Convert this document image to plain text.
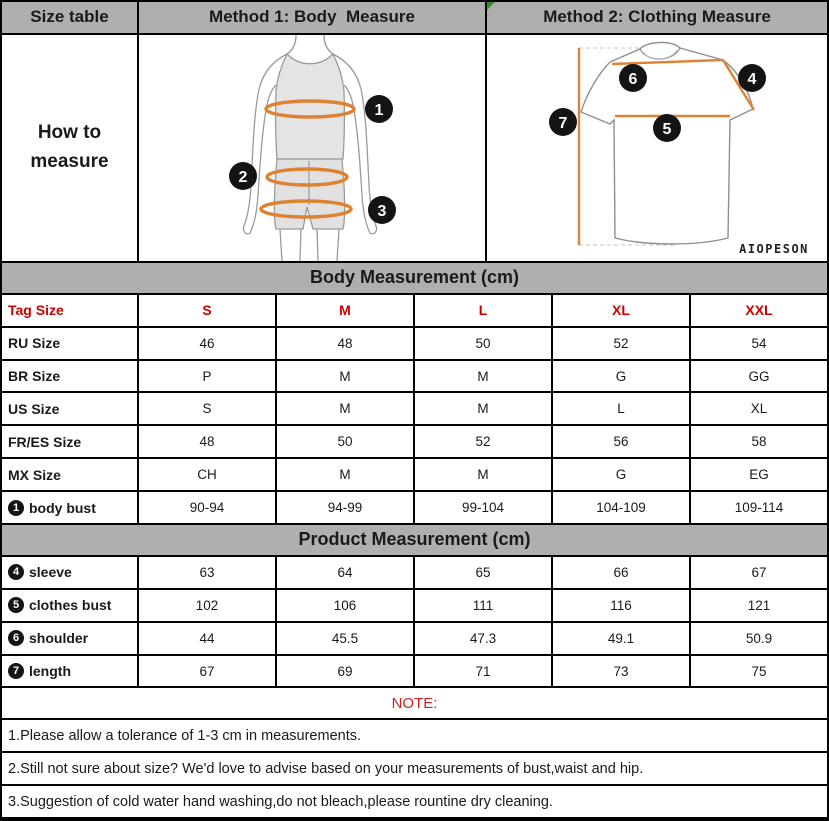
Size table	Method 1: Body  Measure	Method 2: Clothing Measure
How to
measure
1
2
3
6	4
7	5
AIOPESON
Body Measurement (cm)
Tag Size	S	M	L	XL	XXL
RU Size	46	48	50	52	54
BR Size	P	M	M	G	GG
US Size	S	M	M	L	XL
FR/ES Size	48	50	52	56	58
MX Size	CH	M	M	G	EG
1 body bust	90-94	94-99	99-104	104-109	109-114
Product Measurement (cm)
4 sleeve	63	64	65	66	67
5 clothes bust	102	106	111	116	121
6 shoulder	44	45.5	47.3	49.1	50.9
7 length	67	69	71	73	75
NOTE:
1.Please allow a tolerance of 1-3 cm in measurements.
2.Still not sure about size? We'd love to advise based on your measurements of bust,waist and hip.
3.Suggestion of cold water hand washing,do not bleach,please rountine dry cleaning.
